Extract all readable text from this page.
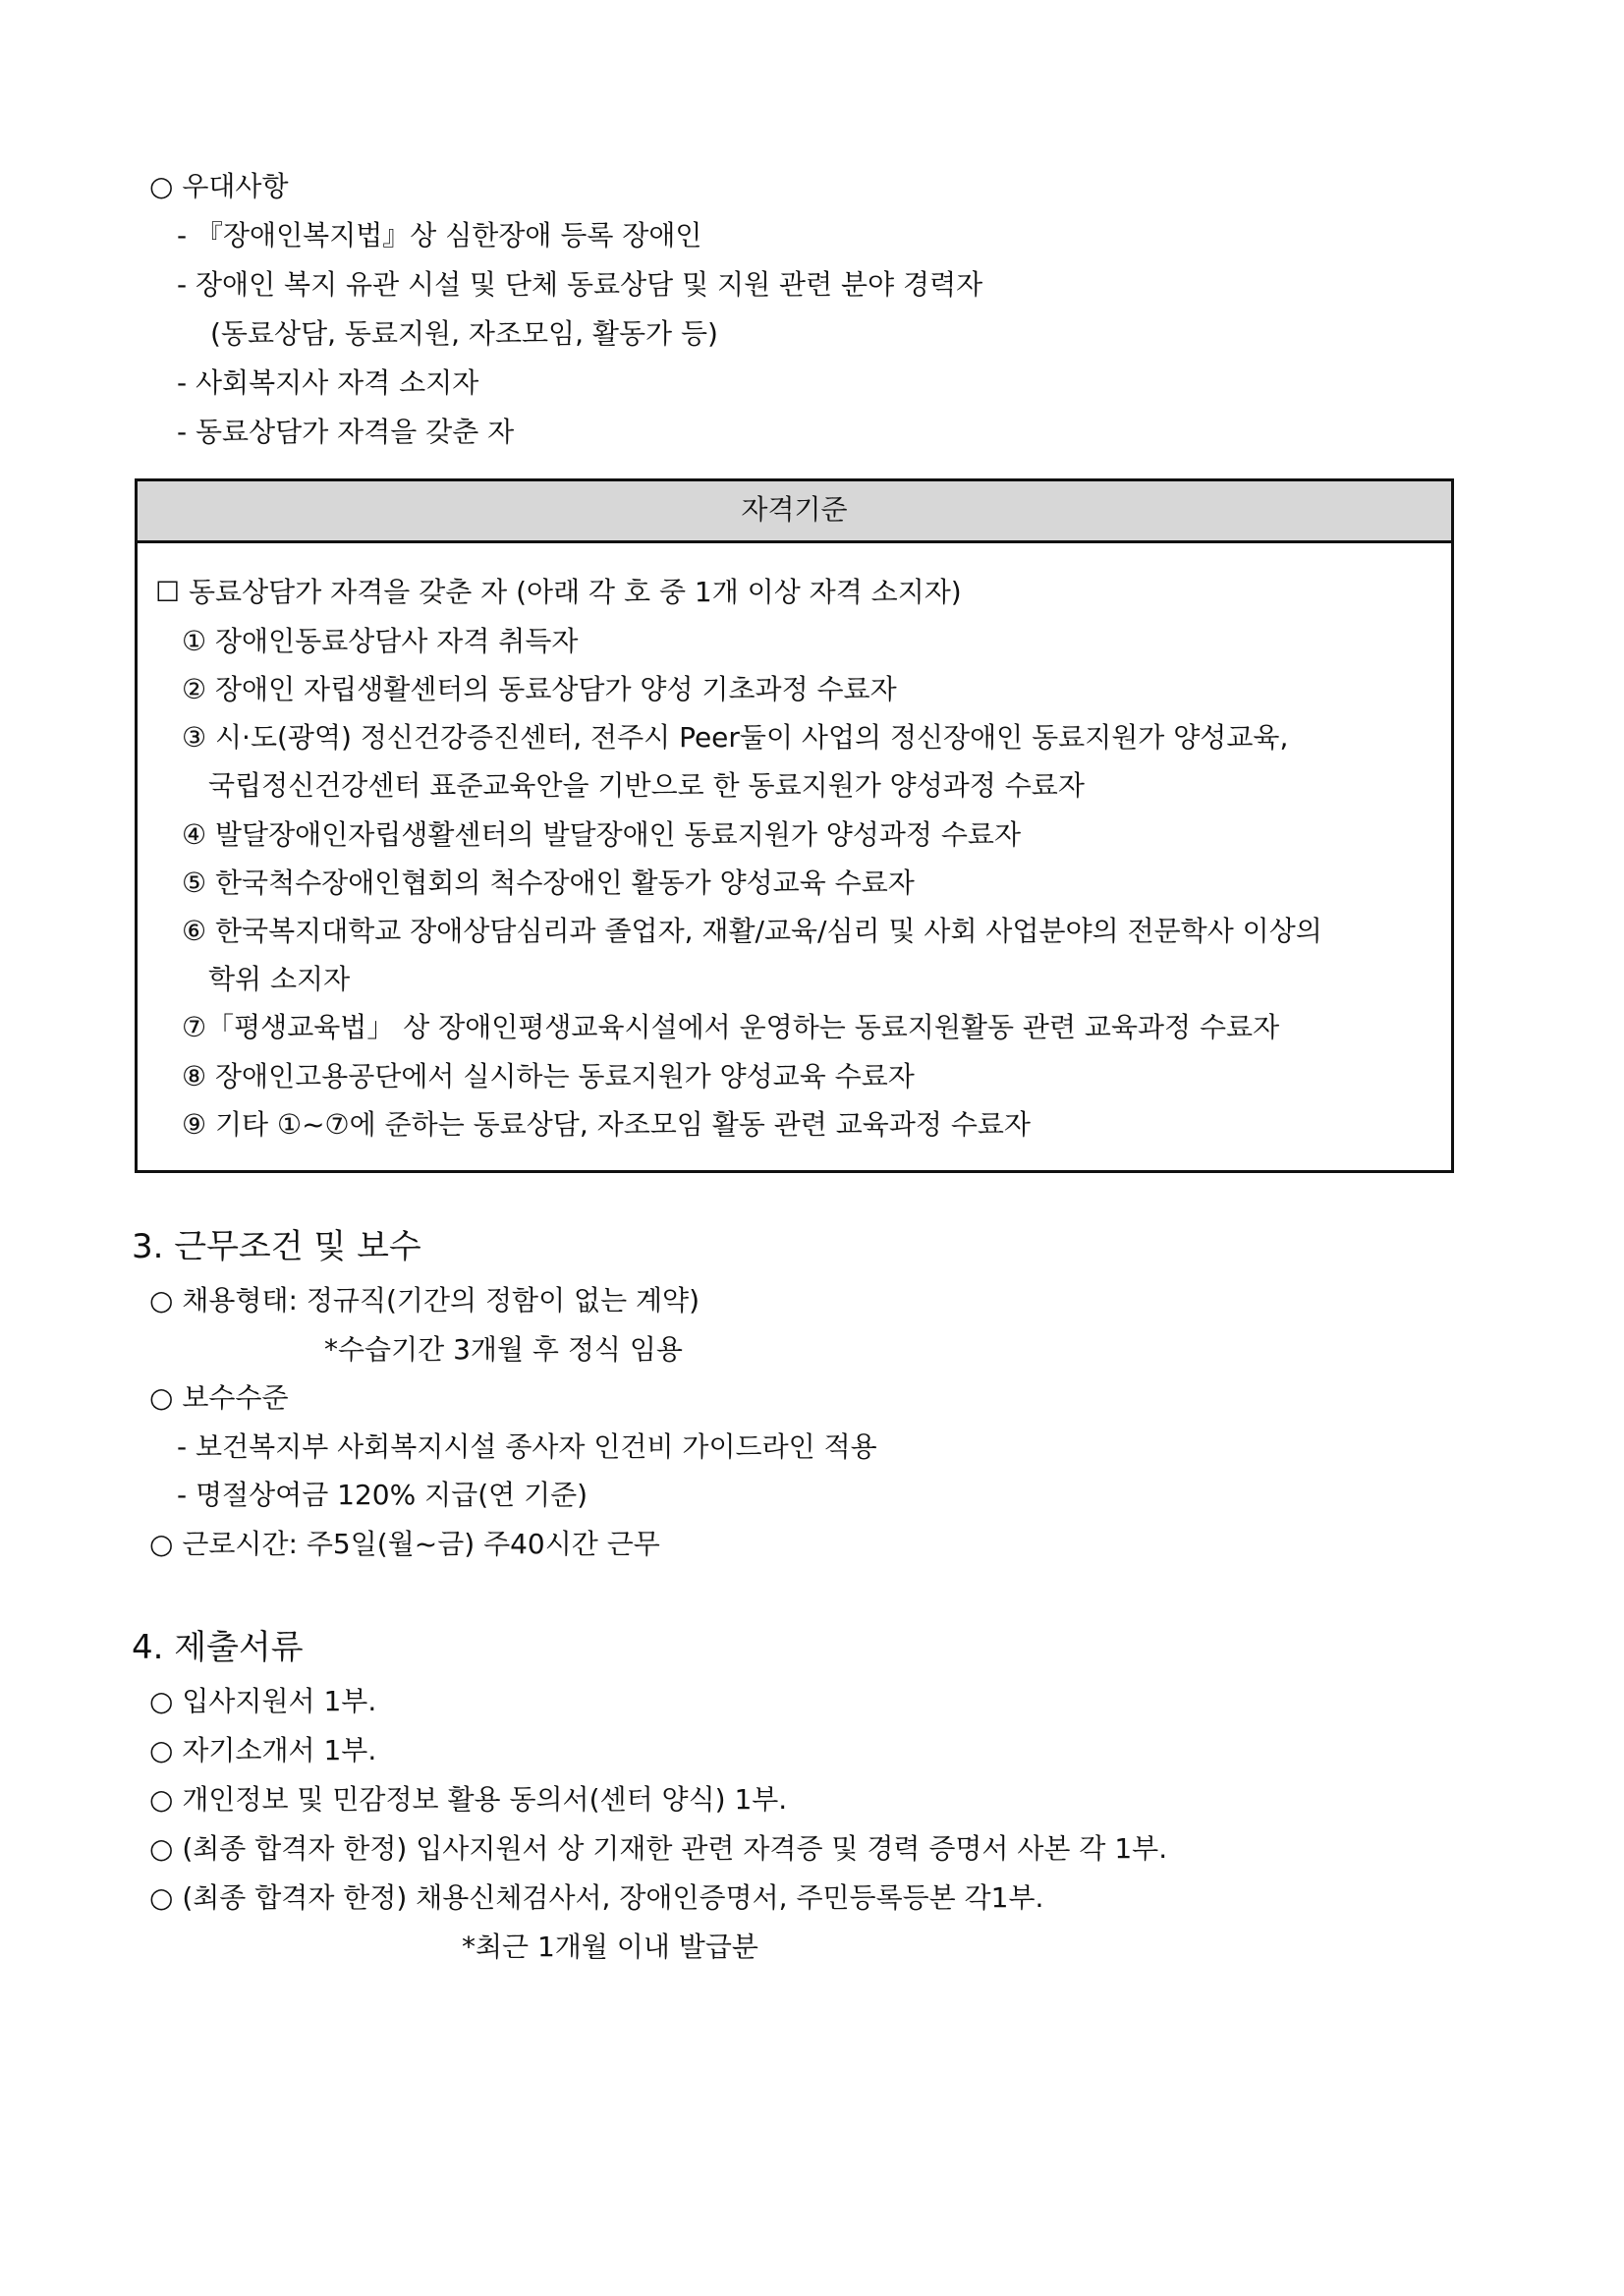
○ 우대사항
- 『장애인복지법』상 심한장애 등록 장애인
- 장애인 복지 유관 시설 및 단체 동료상담 및 지원 관련 분야 경력자
(동료상담, 동료지원, 자조모임, 활동가 등)
- 사회복지사 자격 소지자
- 동료상담가 자격을 갖춘 자
자격기준
☐ 동료상담가 자격을 갖춘 자 (아래 각 호 중 1개 이상 자격 소지자)
① 장애인동료상담사 자격 취득자
② 장애인 자립생활센터의 동료상담가 양성 기초과정 수료자
③ 시·도(광역) 정신건강증진센터, 전주시 Peer둘이 사업의 정신장애인 동료지원가 양성교육,
국립정신건강센터 표준교육안을 기반으로 한 동료지원가 양성과정 수료자
④ 발달장애인자립생활센터의 발달장애인 동료지원가 양성과정 수료자
⑤ 한국척수장애인협회의 척수장애인 활동가 양성교육 수료자
⑥ 한국복지대학교 장애상담심리과 졸업자, 재활/교육/심리 및 사회 사업분야의 전문학사 이상의
학위 소지자
⑦「평생교육법」 상 장애인평생교육시설에서 운영하는 동료지원활동 관련 교육과정 수료자
⑧ 장애인고용공단에서 실시하는 동료지원가 양성교육 수료자
⑨ 기타 ①~⑦에 준하는 동료상담, 자조모임 활동 관련 교육과정 수료자
3. 근무조건 및 보수
○ 채용형태: 정규직(기간의 정함이 없는 계약)
*수습기간 3개월 후 정식 임용
○ 보수수준
- 보건복지부 사회복지시설 종사자 인건비 가이드라인 적용
- 명절상여금 120% 지급(연 기준)
○ 근로시간: 주5일(월~금) 주40시간 근무
4. 제출서류
○ 입사지원서 1부.
○ 자기소개서 1부.
○ 개인정보 및 민감정보 활용 동의서(센터 양식) 1부.
○ (최종 합격자 한정) 입사지원서 상 기재한 관련 자격증 및 경력 증명서 사본 각 1부.
○ (최종 합격자 한정) 채용신체검사서, 장애인증명서, 주민등록등본 각1부.
*최근 1개월 이내 발급분
